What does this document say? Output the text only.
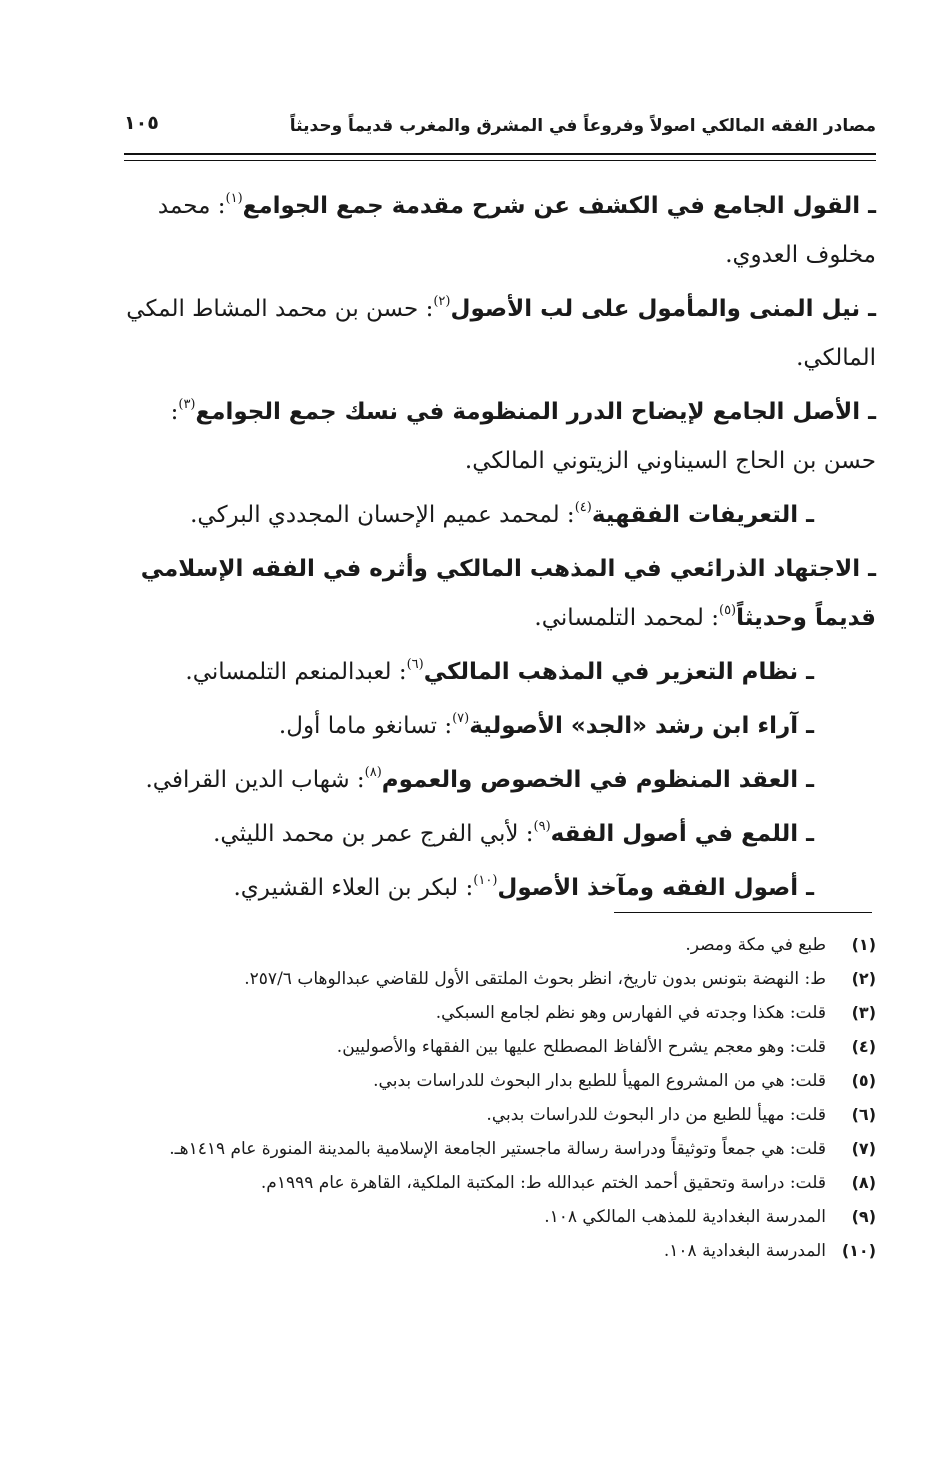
مصادر الفقه المالكي اصولاً وفروعاً في المشرق والمغرب قديماً وحديثاً
١٠٥

ـ القول الجامع في الكشف عن شرح مقدمة جمع الجوامع$^{(١)}$: محمد مخلوف العدوي.

ـ نيل المنى والمأمول على لب الأصول$^{(٢)}$: حسن بن محمد المشاط المكي المالكي.

ـ الأصل الجامع لإيضاح الدرر المنظومة في نسك جمع الجوامع$^{(٣)}$: حسن بن الحاج السيناوني الزيتوني المالكي.

ـ التعريفات الفقهية$^{(٤)}$: لمحمد عميم الإحسان المجددي البركي.

ـ الاجتهاد الذرائعي في المذهب المالكي وأثره في الفقه الإسلامي قديماً وحديثاً$^{(٥)}$: لمحمد التلمساني.

ـ نظام التعزير في المذهب المالكي$^{(٦)}$: لعبدالمنعم التلمساني.

ـ آراء ابن رشد «الجد» الأصولية$^{(٧)}$: تسانغو ماما أول.

ـ العقد المنظوم في الخصوص والعموم$^{(٨)}$: شهاب الدين القرافي.

ـ اللمع في أصول الفقه$^{(٩)}$: لأبي الفرج عمر بن محمد الليثي.

ـ أصول الفقه ومآخذ الأصول$^{(١٠)}$: لبكر بن العلاء القشيري.

(١)
طبع في مكة ومصر.
(٢)
ط: النهضة بتونس بدون تاريخ، انظر بحوث الملتقى الأول للقاضي عبدالوهاب ٢٥٧/٦.
(٣)
قلت: هكذا وجدته في الفهارس وهو نظم لجامع السبكي.
(٤)
قلت: وهو معجم يشرح الألفاظ المصطلح عليها بين الفقهاء والأصوليين.
(٥)
قلت: هي من المشروع المهيأ للطبع بدار البحوث للدراسات بدبي.
(٦)
قلت: مهيأ للطبع من دار البحوث للدراسات بدبي.
(٧)
قلت: هي جمعاً وتوثيقاً ودراسة رسالة ماجستير الجامعة الإسلامية بالمدينة المنورة عام ١٤١٩هـ.
(٨)
قلت: دراسة وتحقيق أحمد الختم عبدالله ط: المكتبة الملكية، القاهرة عام ١٩٩٩م.
(٩)
المدرسة البغدادية للمذهب المالكي ١٠٨.
(١٠)
المدرسة البغدادية ١٠٨.
